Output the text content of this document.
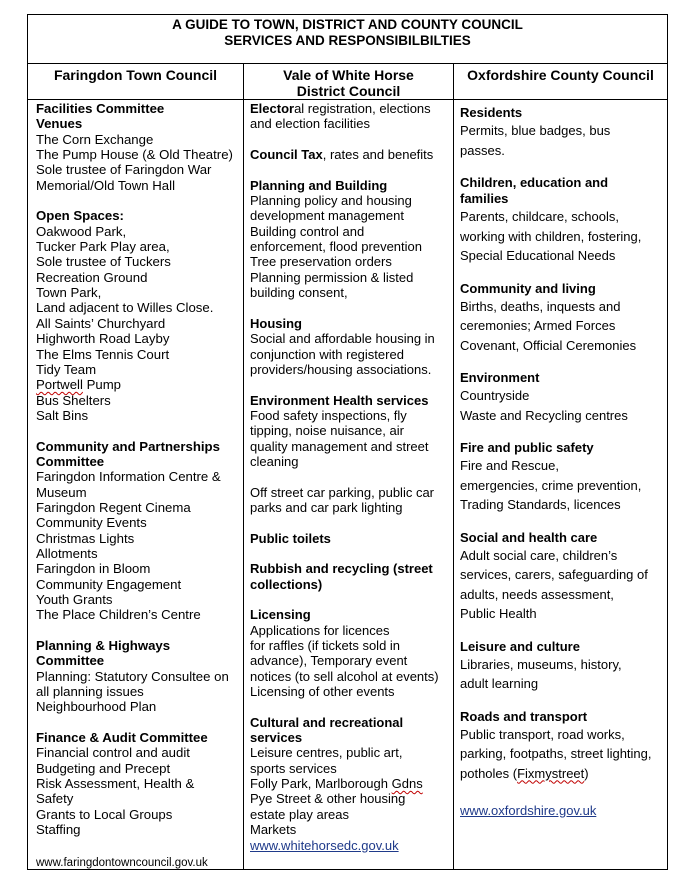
A GUIDE TO TOWN, DISTRICT AND COUNTY COUNCIL
SERVICES AND RESPONSIBILBILTIES
Faringdon Town Council	Vale of White Horse
District Council
Oxfordshire County Council
Facilities Committee
Venues
The Corn Exchange
The Pump House (& Old Theatre)
Sole trustee of Faringdon War
Memorial/Old Town Hall
Open Spaces:
Oakwood Park,
Tucker Park Play area,
Sole trustee of Tuckers
Recreation Ground
Town Park,
Land adjacent to Willes Close.
All Saints’ Churchyard
Highworth Road Layby
The Elms Tennis Court
Tidy Team
Portwell Pump
Bus Shelters
Salt Bins
Community and Partnerships
Committee
Faringdon Information Centre &
Museum
Faringdon Regent Cinema
Community Events
Christmas Lights
Allotments
Faringdon in Bloom
Community Engagement
Youth Grants
The Place Children’s Centre
Planning & Highways
Committee
Planning: Statutory Consultee on
all planning issues
Neighbourhood Plan
Finance & Audit Committee
Financial control and audit
Budgeting and Precept
Risk Assessment, Health &
Safety
Grants to Local Groups
Staffing
www.faringdontowncouncil.gov.uk
Electoral registration, elections
and election facilities
Council Tax, rates and benefits
Planning and Building
Planning policy and housing
development management
Building control and
enforcement, flood prevention
Tree preservation orders
Planning permission & listed
building consent,
Housing
Social and affordable housing in
conjunction with registered
providers/housing associations.
Environment Health services
Food safety inspections, fly
tipping, noise nuisance, air
quality management and street
cleaning
Off street car parking, public car
parks and car park lighting
Public toilets
Rubbish and recycling (street
collections)
Licensing
Applications for licences
for raffles (if tickets sold in
advance), Temporary event
notices (to sell alcohol at events)
Licensing of other events
Cultural and recreational
services
Leisure centres, public art,
sports services
Folly Park, Marlborough Gdns
Pye Street & other housing
estate play areas
Markets
www.whitehorsedc.gov.uk
Residents
Permits, blue badges, bus
passes.
Children, education and
families
Parents, childcare, schools,
working with children, fostering,
Special Educational Needs
Community and living
Births, deaths, inquests and
ceremonies; Armed Forces
Covenant, Official Ceremonies
Environment
Countryside
Waste and Recycling centres
Fire and public safety
Fire and Rescue,
emergencies, crime prevention,
Trading Standards, licences
Social and health care
Adult social care, children’s
services, carers, safeguarding of
adults, needs assessment,
Public Health
Leisure and culture
Libraries, museums, history,
adult learning
Roads and transport
Public transport, road works,
parking, footpaths, street lighting,
potholes (Fixmystreet)
www.oxfordshire.gov.uk
